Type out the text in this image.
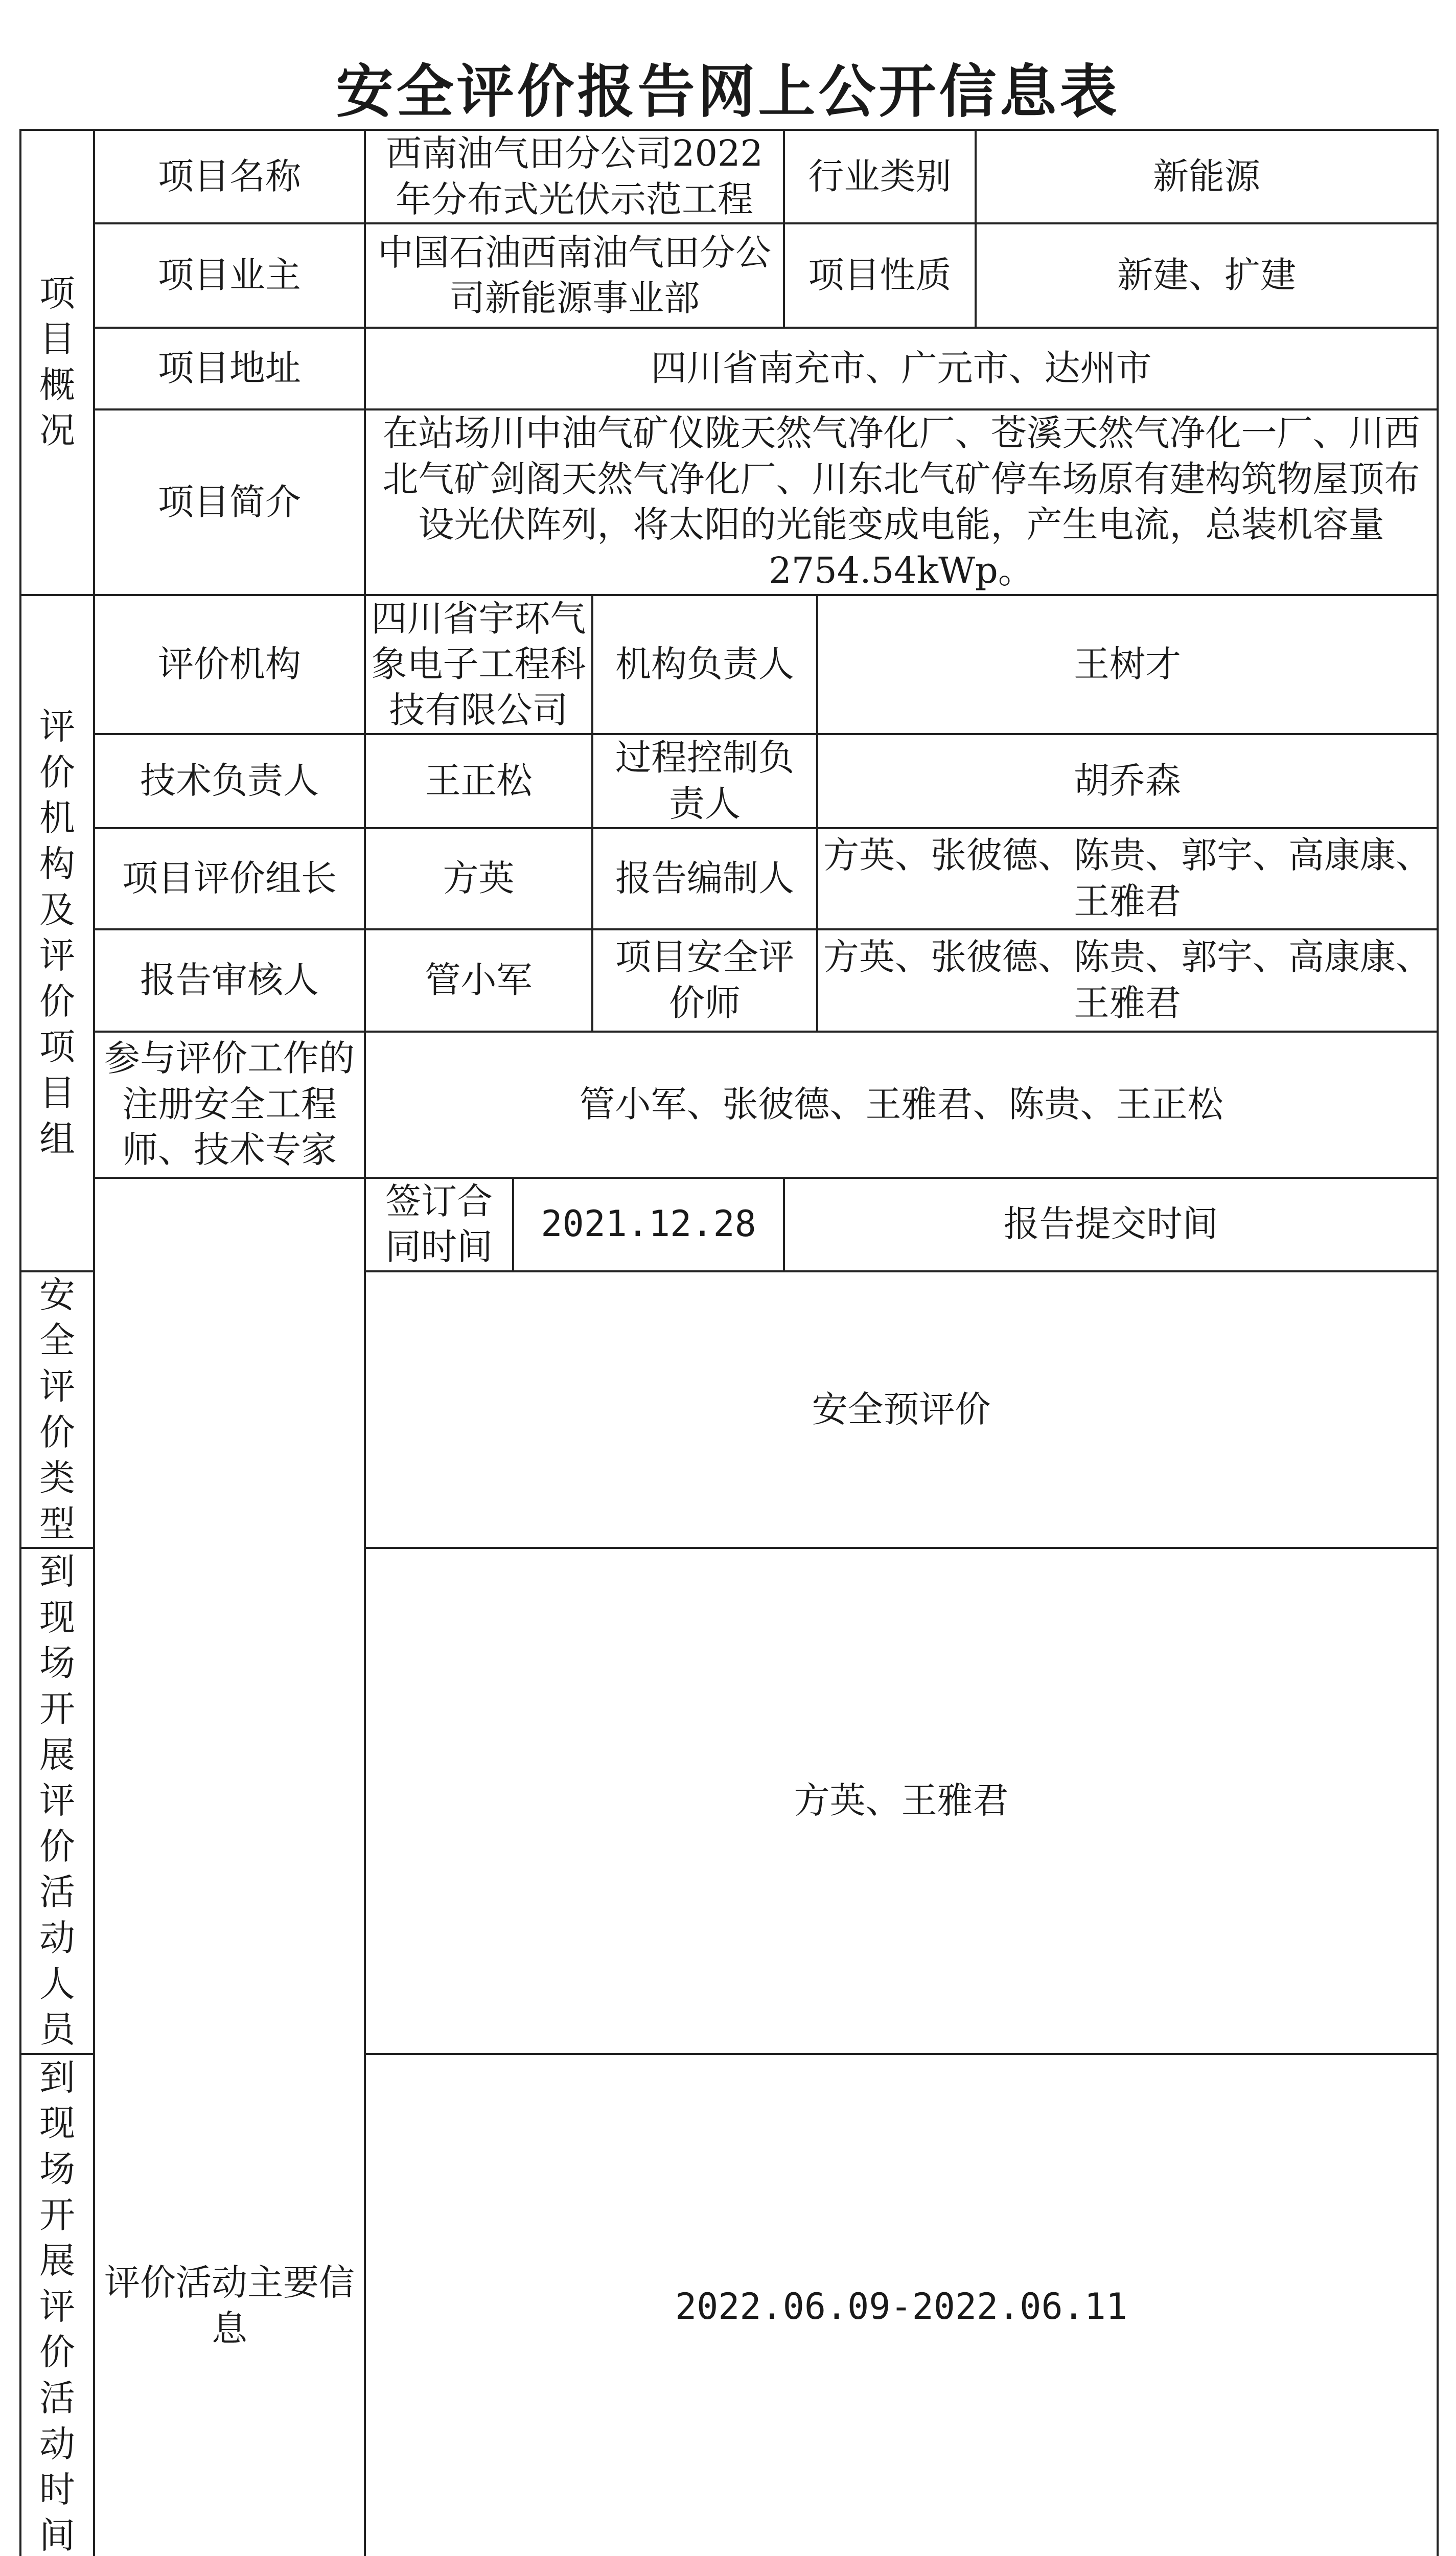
安全评价报告网上公开信息表
项目概况	项目名称	西南油气田分公司2022年分布式光伏示范工程			行业类别		新能源	
	项目业主	中国石油西南油气田分公司新能源事业部			项目性质		新建、扩建	
	项目地址	四川省南充市、广元市、达州市						
	项目简介	在站场川中油气矿仪陇天然气净化厂、苍溪天然气净化一厂、川西北气矿剑阁天然气净化厂、川东北气矿停车场原有建构筑物屋顶布设光伏阵列，将太阳的光能变成电能，产生电流，总装机容量2754.54kWp。						
评价机构及评价项目组	评价机构	四川省宇环气象电子工程科技有限公司		机构负责人		王树才		
	技术负责人	王正松		过程控制负责人		胡乔森		
	项目评价组长	方英		报告编制人		方英、张彼德、陈贵、郭宇、高康康、王雅君		
	报告审核人	管小军		项目安全评价师		方英、张彼德、陈贵、郭宇、高康康、王雅君		
	参与评价工作的注册安全工程师、技术专家	管小军、张彼德、王雅君、陈贵、王正松						
	评价活动主要信息	签订合同时间	2021.12.28		报告提交时间	
安全评价类型		安全预评价						
到现场开展评价活动人员		方英、王雅君						
到现场开展评价活动时间		2022.06.09-2022.06.11						
